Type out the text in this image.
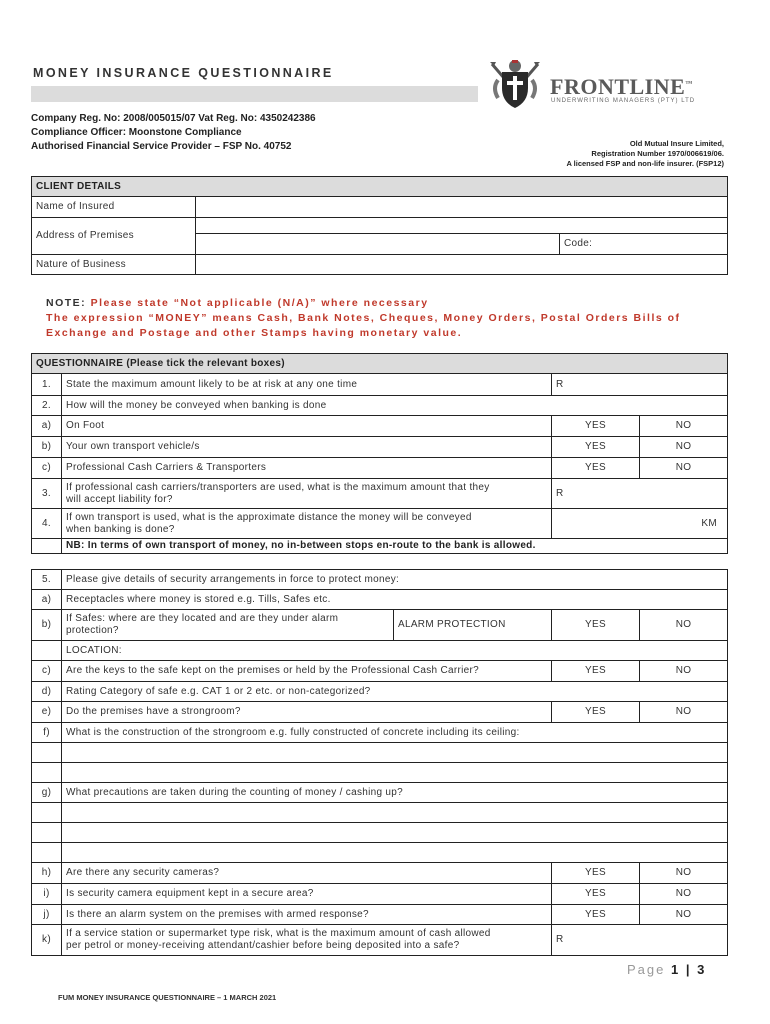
MONEY INSURANCE QUESTIONNAIRE
Company Reg. No: 2008/005015/07 Vat Reg. No: 4350242386
Compliance Officer: Moonstone Compliance
Authorised Financial Service Provider – FSP No. 40752
FRONTLINE™
UNDERWRITING MANAGERS (PTY) LTD
Old Mutual Insure Limited,
Registration Number 1970/006619/06.
A licensed FSP and non-life insurer. (FSP12)
CLIENT DETAILS		
Name of Insured		
Address of Premises		
		Code:
Nature of Business		
NOTE: Please state “Not applicable (N/A)” where necessary
The expression “MONEY” means Cash, Bank Notes, Cheques, Money Orders, Postal Orders Bills of
Exchange and Postage and other Stamps having monetary value.
QUESTIONNAIRE (Please tick the relevant boxes)			
1.	State the maximum amount likely to be at risk at any one time	R	
2.	How will the money be conveyed when banking is done		
a)	On Foot	YES	NO
b)	Your own transport vehicle/s	YES	NO
c)	Professional Cash Carriers & Transporters	YES	NO
3.	If professional cash carriers/transporters are used, what is the maximum amount that they
will accept liability for?	R	
4.	If own transport is used, what is the approximate distance the money will be conveyed
when banking is done?	KM	
	NB: In terms of own transport of money, no in-between stops en-route to the bank is allowed.		
5.	Please give details of security arrangements in force to protect money:			
a)	Receptacles where money is stored e.g. Tills, Safes etc.			
b)	If Safes: where are they located and are they under alarm
protection?	ALARM PROTECTION	YES	NO
	LOCATION:			
c)	Are the keys to the safe kept on the premises or held by the Professional Cash Carrier?		YES	NO
d)	Rating Category of safe e.g. CAT 1 or 2 etc. or non-categorized?			
e)	Do the premises have a strongroom?		YES	NO
f)	What is the construction of the strongroom e.g. fully constructed of concrete including its ceiling:			

g)	What precautions are taken during the counting of money / cashing up?			

h)	Are there any security cameras?		YES	NO
i)	Is security camera equipment kept in a secure area?		YES	NO
j)	Is there an alarm system on the premises with armed response?		YES	NO
k)	If a service station or supermarket type risk, what is the maximum amount of cash allowed
per petrol or money-receiving attendant/cashier before being deposited into a safe?		R	
Page 1 | 3
FUM MONEY INSURANCE QUESTIONNAIRE – 1 MARCH 2021
